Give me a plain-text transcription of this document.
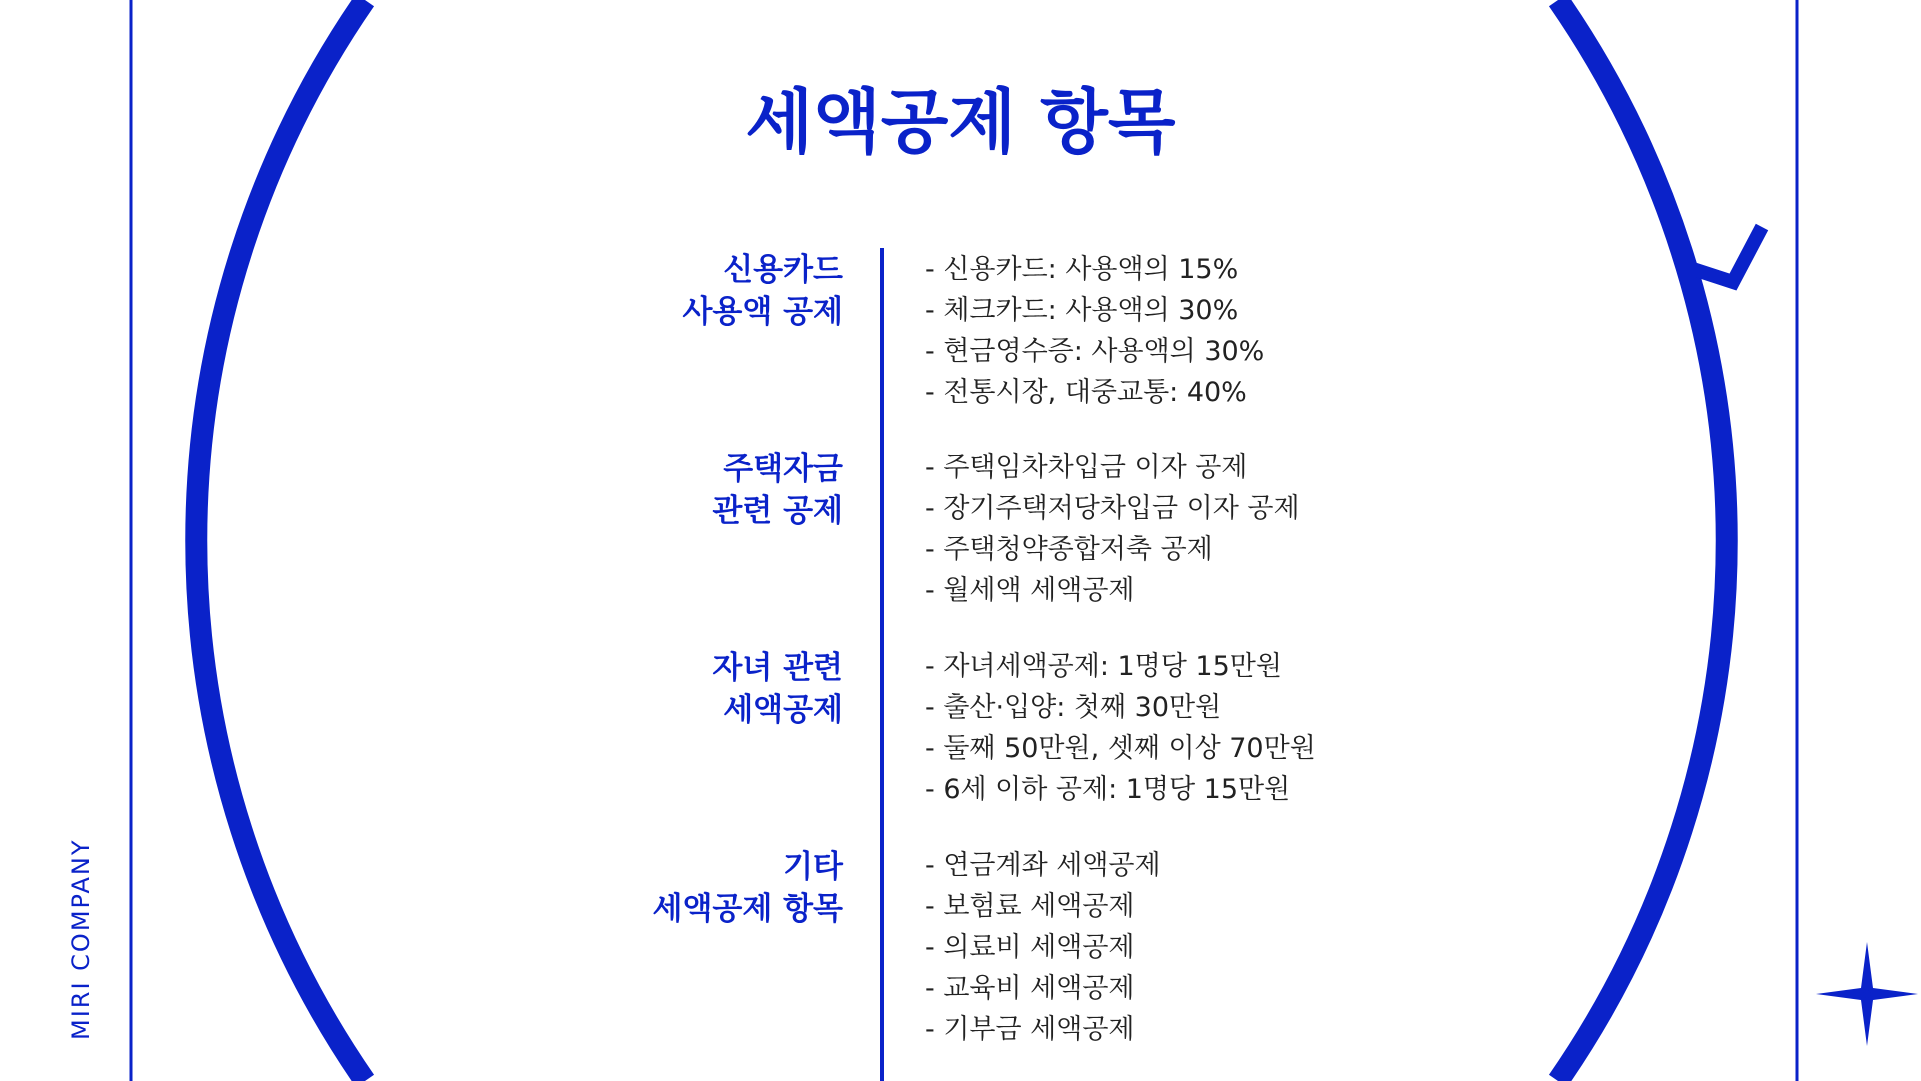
MIRI COMPANY
세액공제 항목
신용카드
사용액 공제
- 신용카드: 사용액의 15%
- 체크카드: 사용액의 30%
- 현금영수증: 사용액의 30%
- 전통시장, 대중교통: 40%
주택자금
관련 공제
- 주택임차차입금 이자 공제
- 장기주택저당차입금 이자 공제
- 주택청약종합저축 공제
- 월세액 세액공제
자녀 관련
세액공제
- 자녀세액공제: 1명당 15만원
- 출산·입양: 첫째 30만원
- 둘째 50만원, 셋째 이상 70만원
- 6세 이하 공제: 1명당 15만원
기타
세액공제 항목
- 연금계좌 세액공제
- 보험료 세액공제
- 의료비 세액공제
- 교육비 세액공제
- 기부금 세액공제
